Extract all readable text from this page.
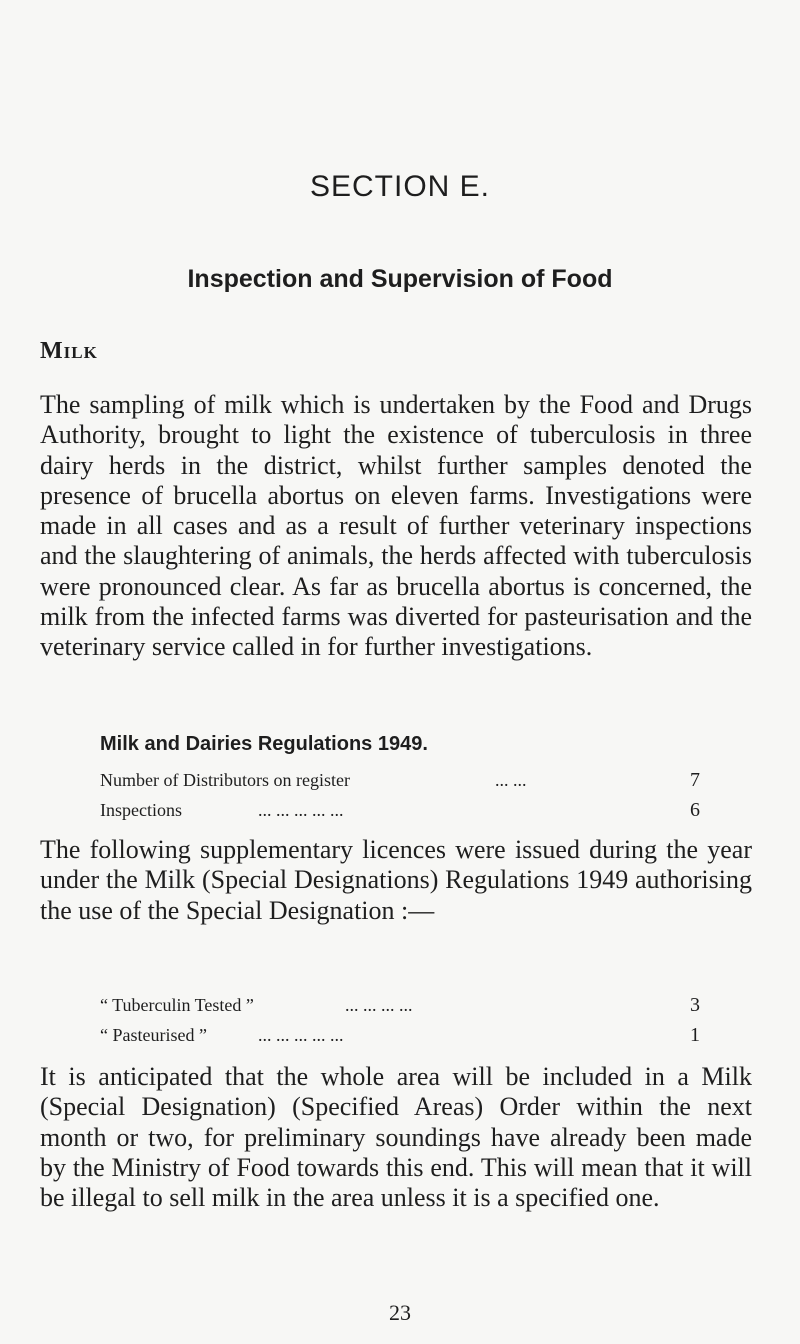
SECTION E.
Inspection and Supervision of Food
Milk

The sampling of milk which is undertaken by the Food and Drugs Authority, brought to light the existence of tuberculosis in three dairy herds in the district, whilst further samples denoted the presence of brucella abortus on eleven farms. Investigations were made in all cases and as a result of further veterinary inspections and the slaughtering of animals, the herds affected with tuberculosis were pronounced clear. As far as brucella abortus is concerned, the milk from the infected farms was diverted for pasteurisation and the veterinary service called in for further investigations.

Milk and Dairies Regulations 1949.
Number of Distributors on register	... ...	7
Inspections	... ... ... ... ...	6

The following supplementary licences were issued during the year under the Milk (Special Designations) Regulations 1949 authorising the use of the Special Designation :—

“ Tuberculin Tested ”	... ... ... ...	3
“ Pasteurised ”	... ... ... ... ...	1

It is anticipated that the whole area will be included in a Milk (Special Designation) (Specified Areas) Order within the next month or two, for preliminary soundings have already been made by the Ministry of Food towards this end. This will mean that it will be illegal to sell milk in the area unless it is a specified one.

23
